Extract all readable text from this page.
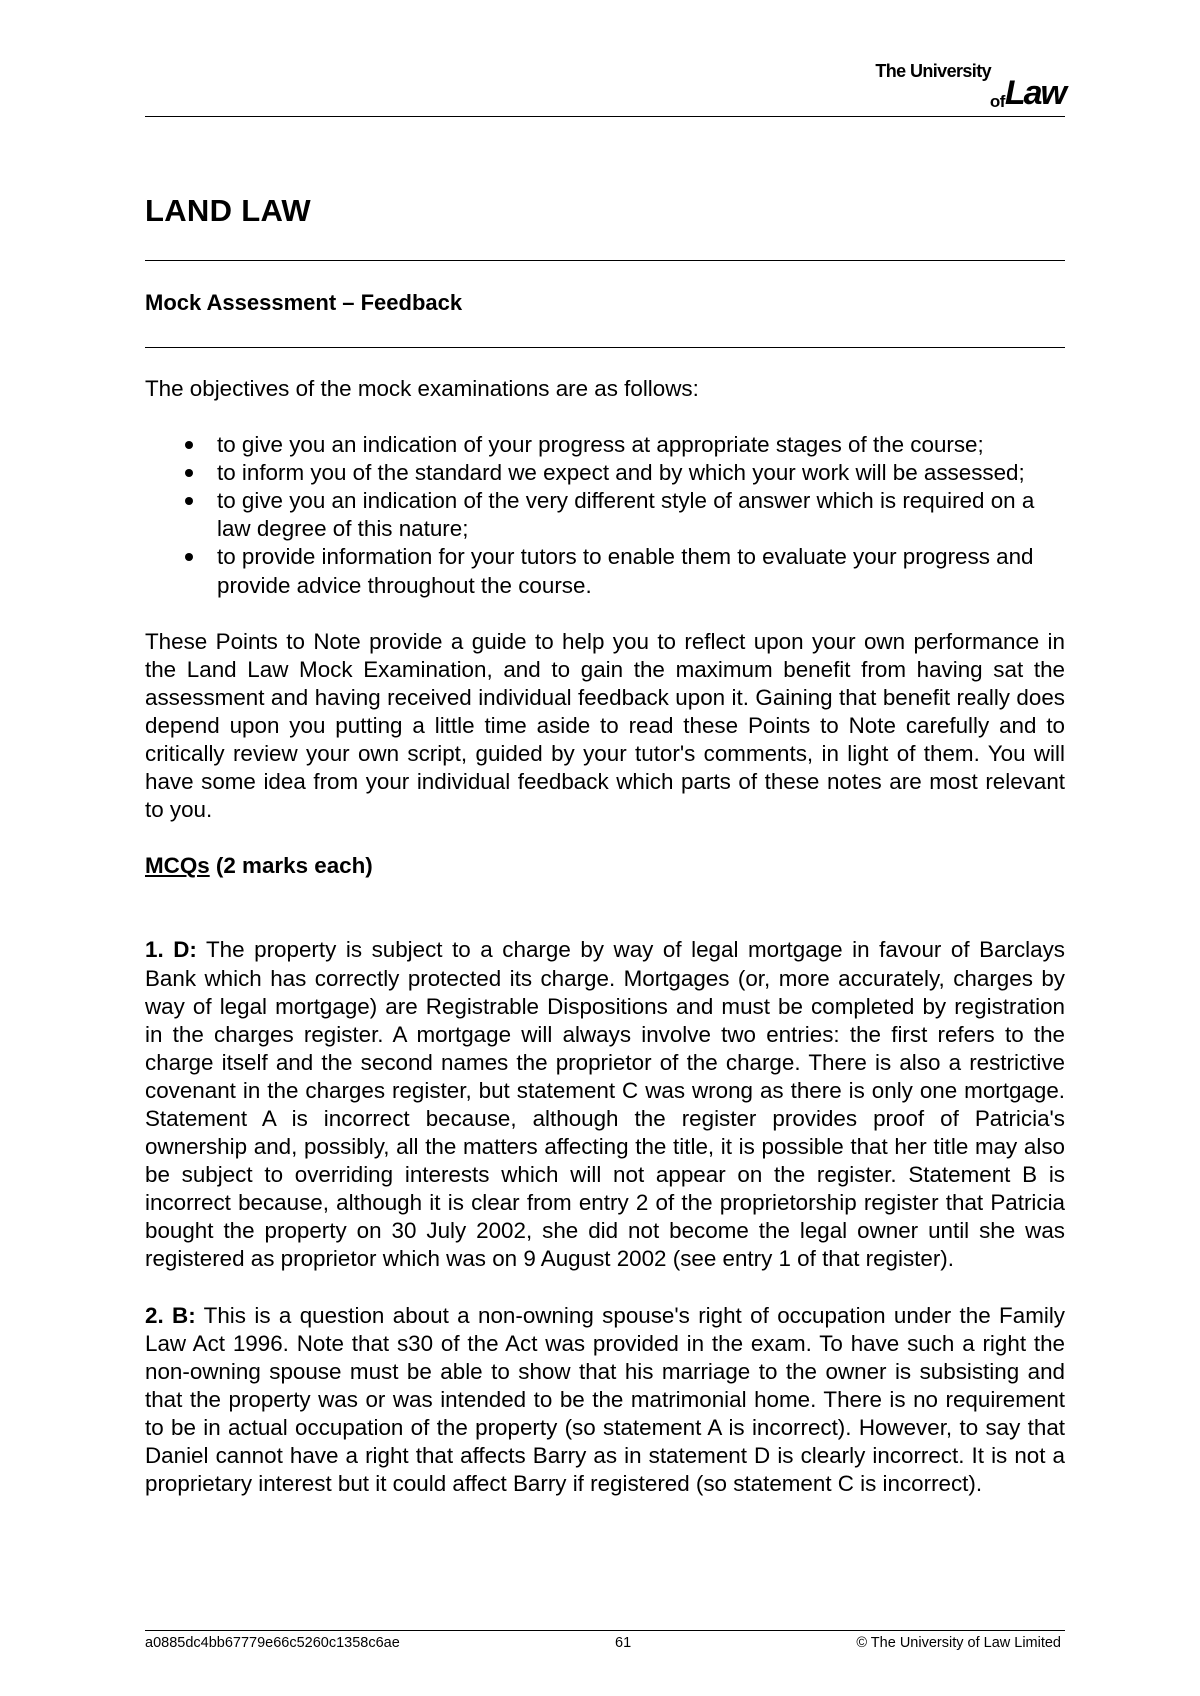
The University
ofLaw
LAND LAW
Mock Assessment – Feedback

The objectives of the mock examinations are as follows:

to give you an indication of your progress at appropriate stages of the course;
to inform you of the standard we expect and by which your work will be assessed;
to give you an indication of the very different style of answer which is required on a law degree of this nature;
to provide information for your tutors to enable them to evaluate your progress and provide advice throughout the course.

These Points to Note provide a guide to help you to reflect upon your own performance in the Land Law Mock Examination, and to gain the maximum benefit from having sat the assessment and having received individual feedback upon it. Gaining that benefit really does depend upon you putting a little time aside to read these Points to Note carefully and to critically review your own script, guided by your tutor's comments, in light of them. You will have some idea from your individual feedback which parts of these notes are most relevant to you.

MCQs (2 marks each)

1. D: The property is subject to a charge by way of legal mortgage in favour of Barclays Bank which has correctly protected its charge. Mortgages (or, more accurately, charges by way of legal mortgage) are Registrable Dispositions and must be completed by registration in the charges register. A mortgage will always involve two entries: the first refers to the charge itself and the second names the proprietor of the charge. There is also a restrictive covenant in the charges register, but statement C was wrong as there is only one mortgage. Statement A is incorrect because, although the register provides proof of Patricia's ownership and, possibly, all the matters affecting the title, it is possible that her title may also be subject to overriding interests which will not appear on the register. Statement B is incorrect because, although it is clear from entry 2 of the proprietorship register that Patricia bought the property on 30 July 2002, she did not become the legal owner until she was registered as proprietor which was on 9 August 2002 (see entry 1 of that register).

2. B: This is a question about a non-owning spouse's right of occupation under the Family Law Act 1996. Note that s30 of the Act was provided in the exam. To have such a right the non-owning spouse must be able to show that his marriage to the owner is subsisting and that the property was or was intended to be the matrimonial home. There is no requirement to be in actual occupation of the property (so statement A is incorrect). However, to say that Daniel cannot have a right that affects Barry as in statement D is clearly incorrect. It is not a proprietary interest but it could affect Barry if registered (so statement C is incorrect).

a0885dc4bb67779e66c5260c1358c6ae	61	© The University of Law Limited
